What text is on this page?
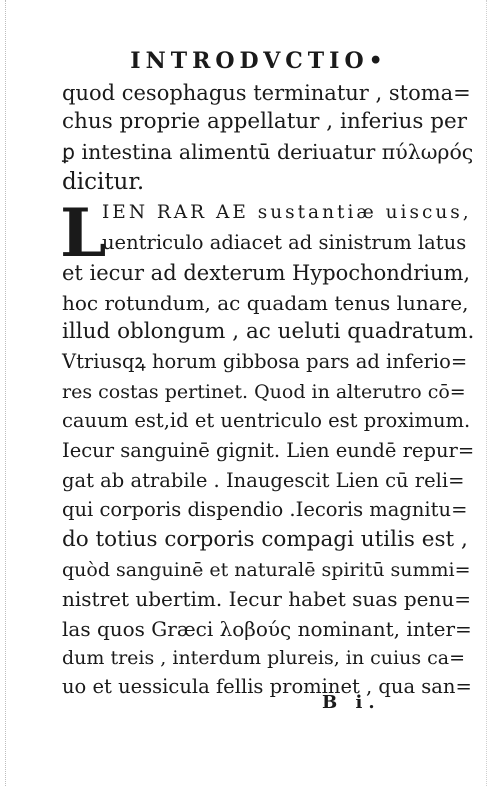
INTRODVCTIO•
quod cesophagus terminatur , stoma=
chus proprie appellatur , inferius per
ꝑ intestina alimentū deriuatur πύλωρός
dicitur.
L
IEN RAR AE sustantiæ uiscus,
uentriculo adiacet ad sinistrum latus
et iecur ad dexterum Hypochondrium,
hoc rotundum, ac quadam tenus lunare,
illud oblongum , ac ueluti quadratum.
Vtriusqꝝ horum gibbosa pars ad inferio=
res costas pertinet. Quod in alterutro cō=
cauum est,id et uentriculo est proximum.
Iecur sanguinē gignit. Lien eundē repur=
gat ab atrabile . Inaugescit Lien cū reli=
qui corporis dispendio .Iecoris magnitu=
do totius corporis compagi utilis est ,
quòd sanguinē et naturalē spiritū summi=
nistret ubertim. Iecur habet suas penu=
las quos Græci λοβούς nominant, inter=
dum treis , interdum plureis, in cuius ca=
uo et uessicula fellis prominet , qua san=
B i.
